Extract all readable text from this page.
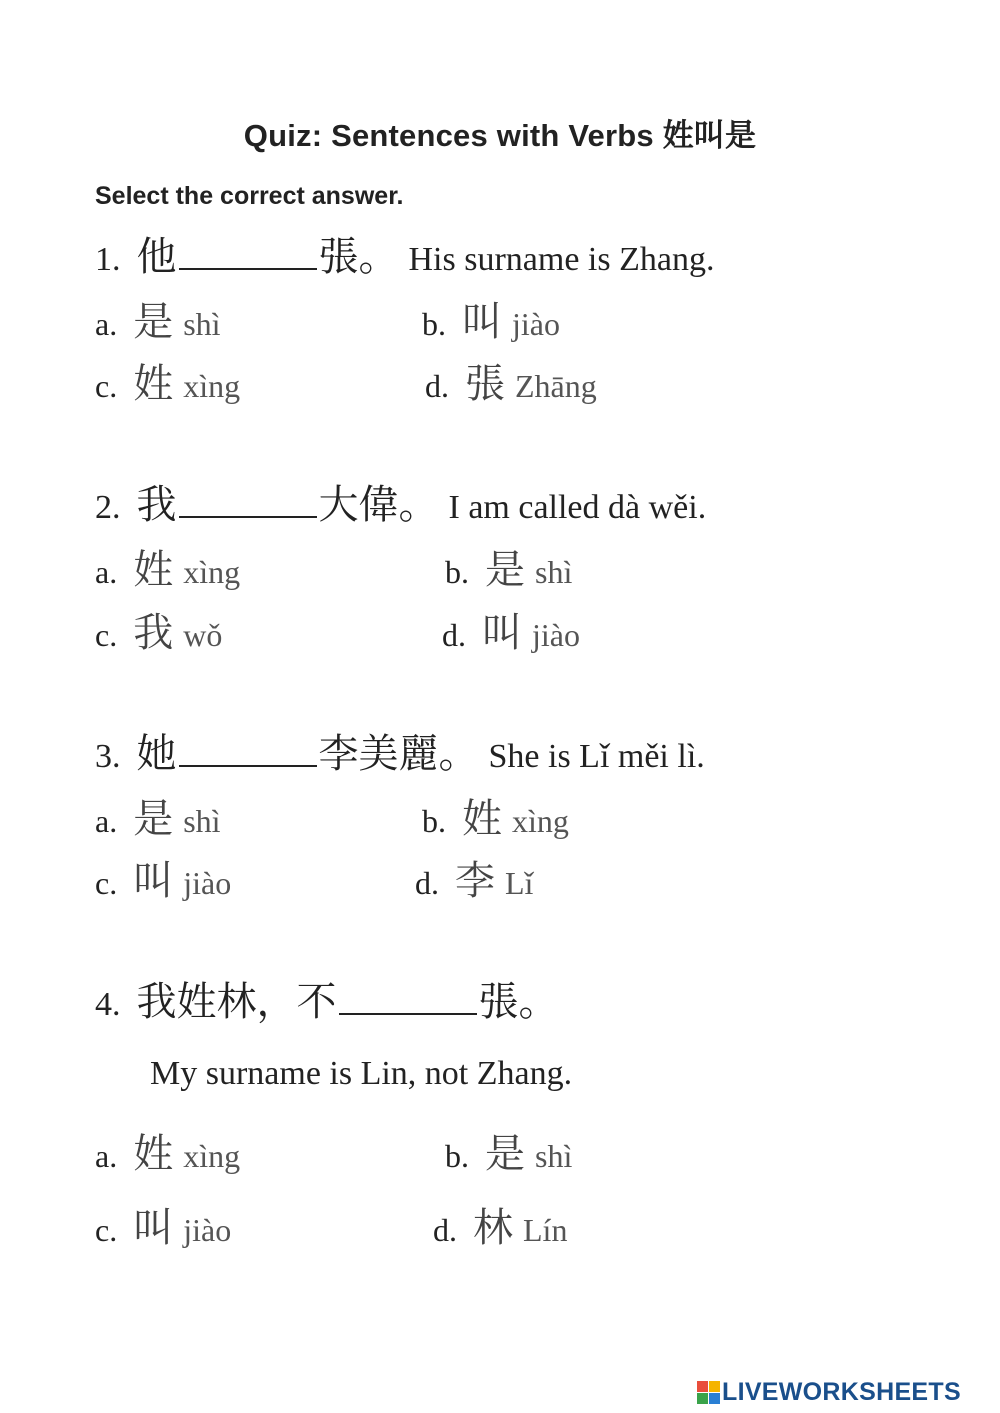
Quiz: Sentences with Verbs 姓叫是
Select the correct answer.
1. 他	張。 His surname is Zhang.
a. 是 shì	b. 叫 jiào
c. 姓 xìng	d. 張 Zhāng
2. 我	大偉。 I am called dà wěi.
a. 姓 xìng	b. 是 shì
c. 我 wǒ	d. 叫 jiào
3. 她	李美麗。 She is Lǐ měi lì.
a. 是 shì	b. 姓 xìng
c. 叫 jiào	d. 李 Lǐ
4. 我姓林，不	張。
My surname is Lin, not Zhang.
a. 姓 xìng	b. 是 shì
c. 叫 jiào	d. 林 Lín
LIVEWORKSHEETS
